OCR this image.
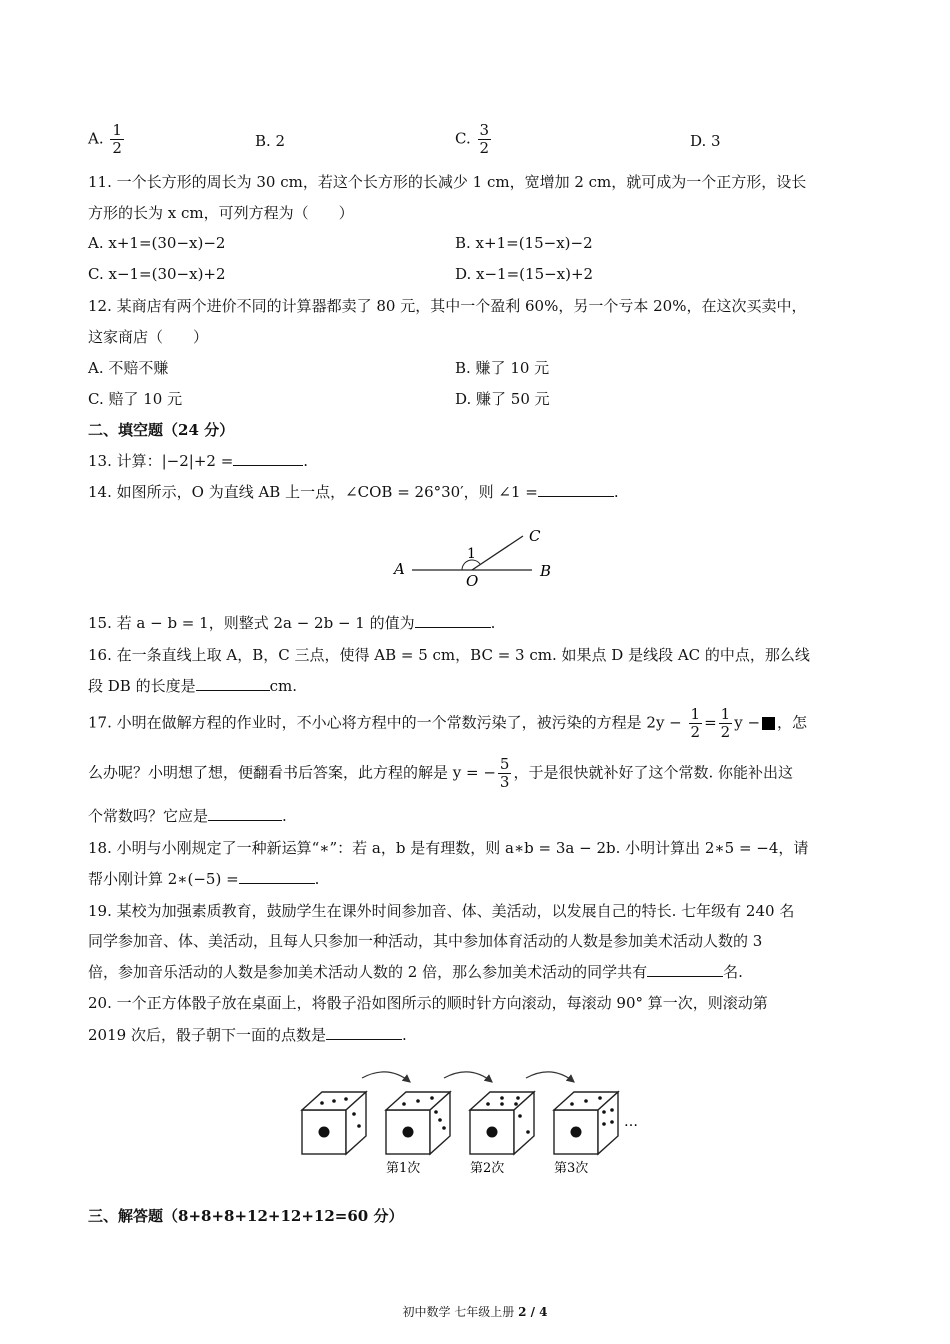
A. $\frac{1}{2}$	B. 2	C. $\frac{3}{2}$	D. 3
11. 一个长方形的周长为 30 cm，若这个长方形的长减少 1 cm，宽增加 2 cm，就可成为一个正方形，设长
方形的长为 x cm，可列方程为（　　）
A. x+1=(30−x)−2	B. x+1=(15−x)−2
C. x−1=(30−x)+2	D. x−1=(15−x)+2
12. 某商店有两个进价不同的计算器都卖了 80 元，其中一个盈利 60%，另一个亏本 20%，在这次买卖中，
这家商店（　　）
A. 不赔不赚	B. 赚了 10 元
C. 赔了 10 元	D. 赚了 50 元
二、填空题（24 分）
13. 计算：|−2|+2 =	.
14. 如图所示，O 为直线 AB 上一点，∠COB = 26°30′，则 ∠1 =	.
A	B
C
O
1
15. 若 a − b = 1，则整式 2a − 2b − 1 的值为	.
16. 在一条直线上取 A，B，C 三点，使得 AB = 5 cm，BC = 3 cm. 如果点 D 是线段 AC 的中点，那么线
段 DB 的长度是	cm.
17. 小明在做解方程的作业时，不小心将方程中的一个常数污染了，被污染的方程是 $2y - \frac{1}{2} = \frac{1}{2}$ y − ，怎
么办呢？小明想了想，便翻看书后答案，此方程的解是 y = − $\frac{5}{3}$ ，于是很快就补好了这个常数. 你能补出这
个常数吗？它应是	.
18. 小明与小刚规定了一种新运算“∗”：若 a，b 是有理数，则 a∗b = 3a − 2b. 小明计算出 2∗5 = −4，请
帮小刚计算 2∗(−5) =	.
19. 某校为加强素质教育，鼓励学生在课外时间参加音、体、美活动，以发展自己的特长. 七年级有 240 名
同学参加音、体、美活动，且每人只参加一种活动，其中参加体育活动的人数是参加美术活动人数的 3
倍，参加音乐活动的人数是参加美术活动人数的 2 倍，那么参加美术活动的同学共有	名.
20. 一个正方体骰子放在桌面上，将骰子沿如图所示的顺时针方向滚动，每滚动 90° 算一次，则滚动第
2019 次后，骰子朝下一面的点数是	.
…
第1次	第2次	第3次
三、解答题（8+8+8+12+12+12=60 分）
初中数学 七年级上册 2 / 4
